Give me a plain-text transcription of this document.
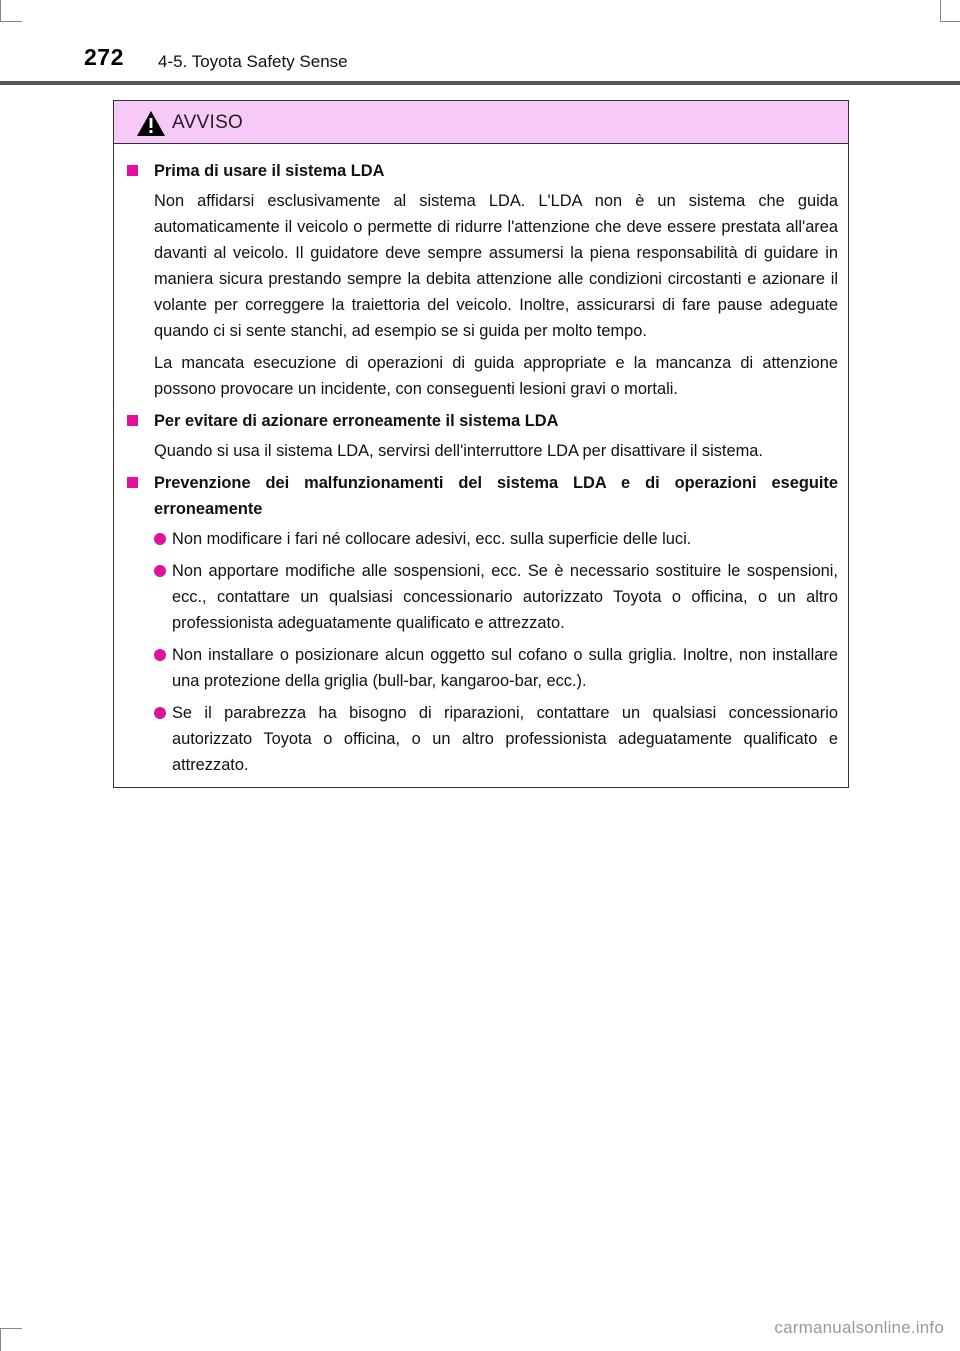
272 4-5. Toyota Safety Sense
AVVISO
Prima di usare il sistema LDA

Non affidarsi esclusivamente al sistema LDA. L'LDA non è un sistema che guida automaticamente il veicolo o permette di ridurre l'attenzione che deve essere prestata all'area davanti al veicolo. Il guidatore deve sempre assumersi la piena responsabilità di guidare in maniera sicura prestando sempre la debita attenzione alle condizioni circostanti e azionare il volante per correggere la traiettoria del veicolo. Inoltre, assicurarsi di fare pause adeguate quando ci si sente stanchi, ad esempio se si guida per molto tempo.

La mancata esecuzione di operazioni di guida appropriate e la mancanza di attenzione possono provocare un incidente, con conseguenti lesioni gravi o mortali.

Per evitare di azionare erroneamente il sistema LDA

Quando si usa il sistema LDA, servirsi dell'interruttore LDA per disattivare il sistema.

Prevenzione dei malfunzionamenti del sistema LDA e di operazioni eseguite erroneamente
Non modificare i fari né collocare adesivi, ecc. sulla superficie delle luci.
Non apportare modifiche alle sospensioni, ecc. Se è necessario sostituire le sospensioni, ecc., contattare un qualsiasi concessionario autorizzato Toyota o officina, o un altro professionista adeguatamente qualificato e attrezzato.
Non installare o posizionare alcun oggetto sul cofano o sulla griglia. Inoltre, non installare una protezione della griglia (bull-bar, kangaroo-bar, ecc.).
Se il parabrezza ha bisogno di riparazioni, contattare un qualsiasi concessionario autorizzato Toyota o officina, o un altro professionista adeguatamente qualificato e attrezzato.
carmanualsonline.info
